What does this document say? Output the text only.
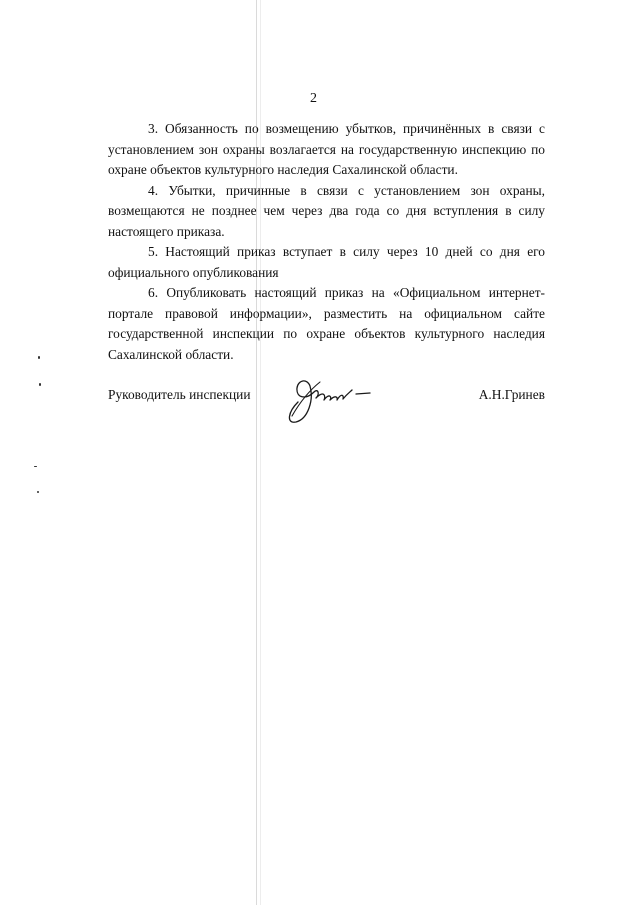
2

3. Обязанность по возмещению убытков, причинённых в связи с установлением зон охраны возлагается на государственную инспекцию по охране объектов культурного наследия Сахалинской области.

4. Убытки, причинные в связи с установлением зон охраны, возмещаются не позднее чем через два года со дня вступления в силу настоящего приказа.

5. Настоящий приказ вступает в силу через 10 дней со дня его официального опубликования

6. Опубликовать настоящий приказ на «Официальном интернет-портале правовой информации», разместить на официальном сайте государственной инспекции по охране объектов культурного наследия Сахалинской области.

Руководитель инспекции	А.Н.Гринев
